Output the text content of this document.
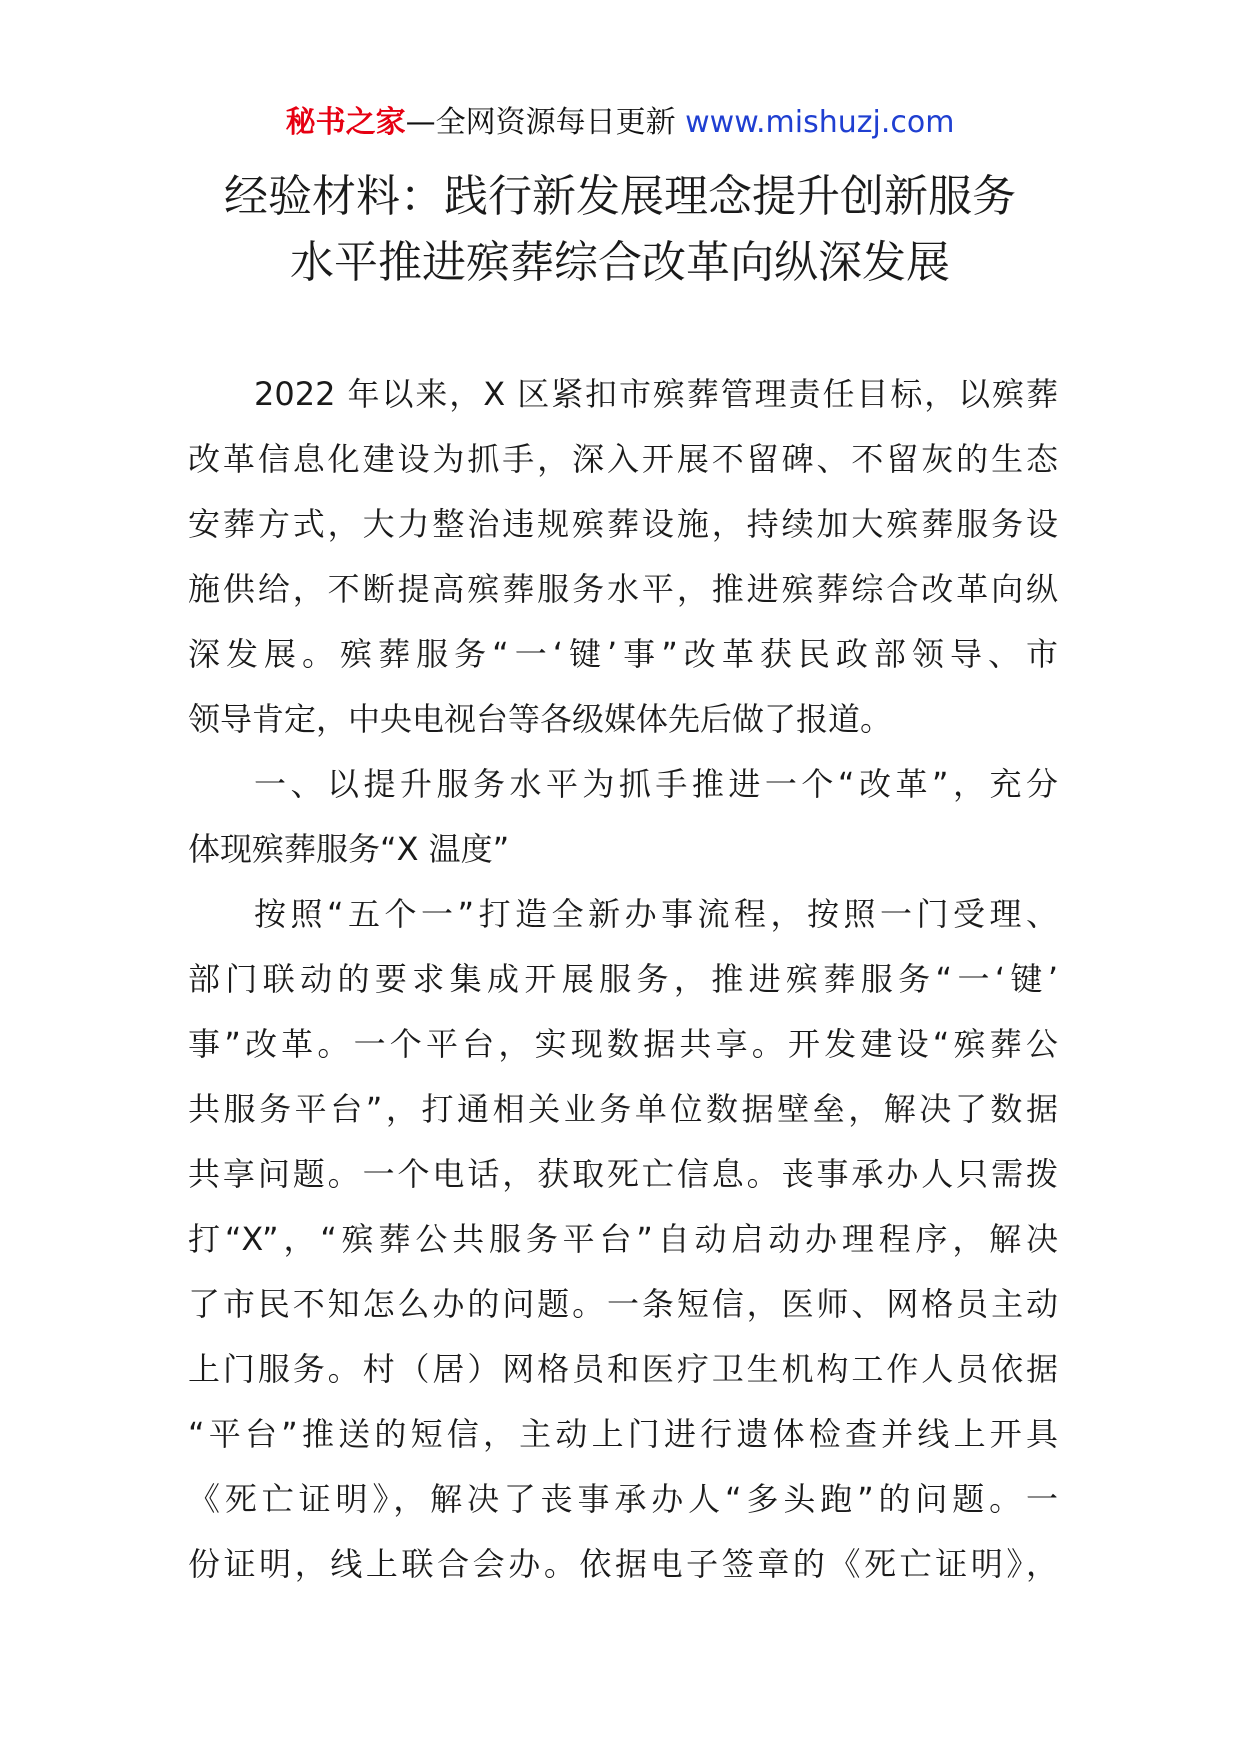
秘书之家—全网资源每日更新 www.mishuzj.com
经验材料：践行新发展理念提升创新服务
水平推进殡葬综合改革向纵深发展
2022 年以来，X 区紧扣市殡葬管理责任目标，以殡葬
改革信息化建设为抓手，深入开展不留碑、不留灰的生态
安葬方式，大力整治违规殡葬设施，持续加大殡葬服务设
施供给，不断提高殡葬服务水平，推进殡葬综合改革向纵
深发展。殡葬服务“一‘键’事”改革获民政部领导、市
领导肯定，中央电视台等各级媒体先后做了报道。
一、以提升服务水平为抓手推进一个“改革”，充分
体现殡葬服务“X 温度”
按照“五个一”打造全新办事流程，按照一门受理、
部门联动的要求集成开展服务，推进殡葬服务“一‘键’
事”改革。一个平台，实现数据共享。开发建设“殡葬公
共服务平台”，打通相关业务单位数据壁垒，解决了数据
共享问题。一个电话，获取死亡信息。丧事承办人只需拨
打“X”，“殡葬公共服务平台”自动启动办理程序，解决
了市民不知怎么办的问题。一条短信，医师、网格员主动
上门服务。村（居）网格员和医疗卫生机构工作人员依据
“平台”推送的短信，主动上门进行遗体检查并线上开具
《死亡证明》，解决了丧事承办人“多头跑”的问题。一
份证明，线上联合会办。依据电子签章的《死亡证明》，
